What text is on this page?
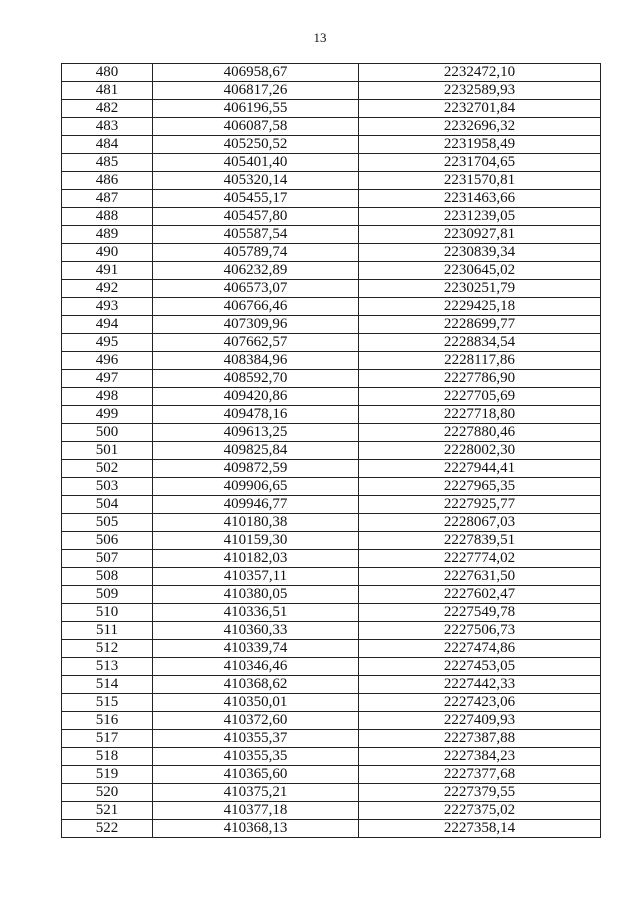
13
480	406958,67	2232472,10
481	406817,26	2232589,93
482	406196,55	2232701,84
483	406087,58	2232696,32
484	405250,52	2231958,49
485	405401,40	2231704,65
486	405320,14	2231570,81
487	405455,17	2231463,66
488	405457,80	2231239,05
489	405587,54	2230927,81
490	405789,74	2230839,34
491	406232,89	2230645,02
492	406573,07	2230251,79
493	406766,46	2229425,18
494	407309,96	2228699,77
495	407662,57	2228834,54
496	408384,96	2228117,86
497	408592,70	2227786,90
498	409420,86	2227705,69
499	409478,16	2227718,80
500	409613,25	2227880,46
501	409825,84	2228002,30
502	409872,59	2227944,41
503	409906,65	2227965,35
504	409946,77	2227925,77
505	410180,38	2228067,03
506	410159,30	2227839,51
507	410182,03	2227774,02
508	410357,11	2227631,50
509	410380,05	2227602,47
510	410336,51	2227549,78
511	410360,33	2227506,73
512	410339,74	2227474,86
513	410346,46	2227453,05
514	410368,62	2227442,33
515	410350,01	2227423,06
516	410372,60	2227409,93
517	410355,37	2227387,88
518	410355,35	2227384,23
519	410365,60	2227377,68
520	410375,21	2227379,55
521	410377,18	2227375,02
522	410368,13	2227358,14
